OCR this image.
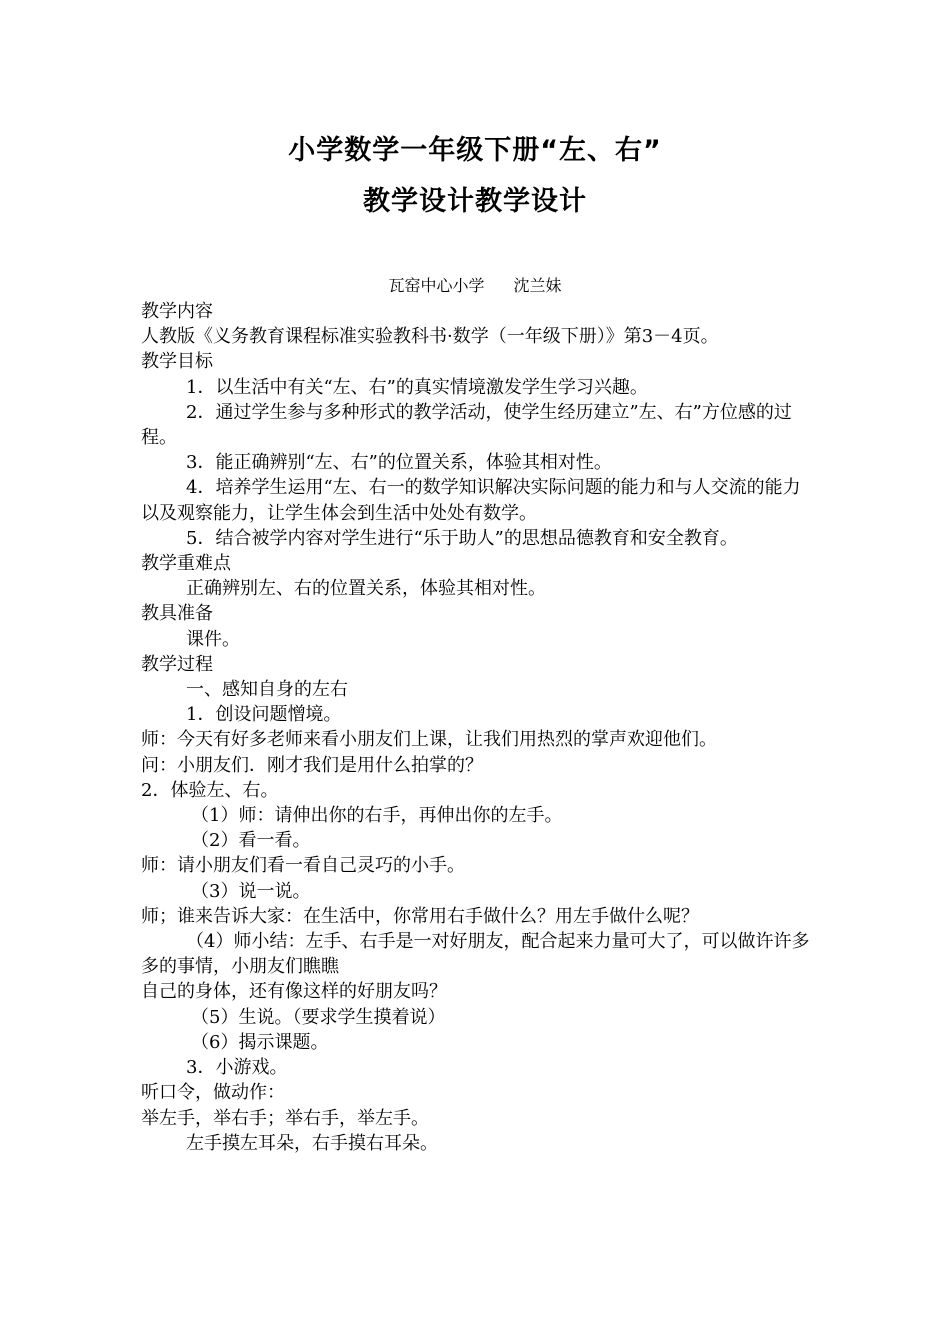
小学数学一年级下册“左、右”
教学设计教学设计
瓦窑中心小学 沈兰妹

教学内容

人教版《义务教育课程标准实验教科书·数学（一年级下册）》第3－4页。

教学目标

1．以生活中有关“左、右”的真实情境激发学生学习兴趣。

2．通过学生参与多种形式的教学活动，使学生经历建立”左、右”方位感的过程。

3．能正确辨别“左、右”的位置关系，体验其相对性。

4．培养学生运用“左、右一的数学知识解决实际问题的能力和与人交流的能力以及观察能力，让学生体会到生活中处处有数学。

5．结合被学内容对学生进行“乐于助人”的思想品德教育和安全教育。

教学重难点

正确辨别左、右的位置关系，体验其相对性。

教具准备

课件。

教学过程

一、感知自身的左右

1．创设问题憎境。

师：今天有好多老师来看小朋友们上课，让我们用热烈的掌声欢迎他们。

问：小朋友们．刚才我们是用什么拍掌的？

2．体验左、右。

（1）师：请伸出你的右手，再伸出你的左手。

（2）看一看。

师：请小朋友们看一看自己灵巧的小手。

（3）说一说。

师；谁来告诉大家：在生活中，你常用右手做什么？用左手做什么呢？

（4）师小结：左手、右手是一对好朋友，配合起来力量可大了，可以做许许多多的事情，小朋友们瞧瞧

自己的身体，还有像这样的好朋友吗？

（5）生说。（要求学生摸着说）

（6）揭示课题。

3．小游戏。

听口令，做动作：

举左手，举右手；举右手，举左手。

左手摸左耳朵，右手摸右耳朵。
